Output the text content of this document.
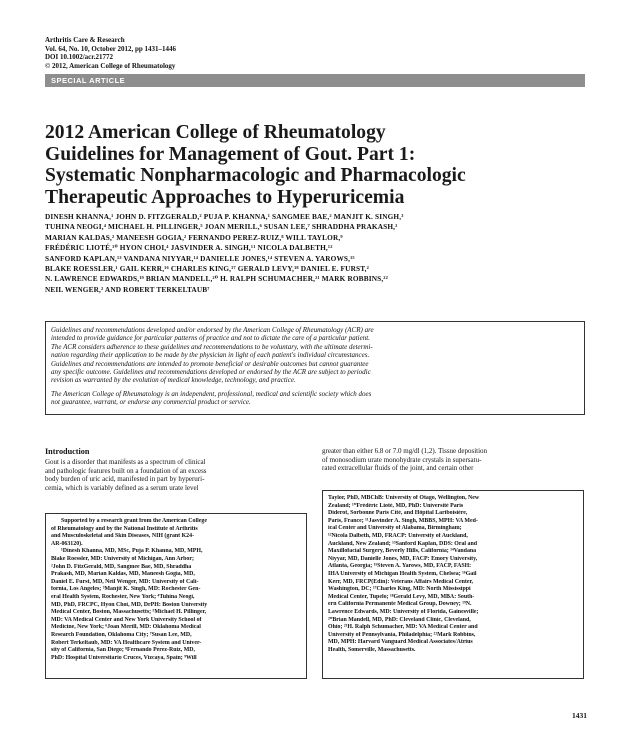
Arthritis Care & Research
Vol. 64, No. 10, October 2012, pp 1431–1446
DOI 10.1002/acr.21772
© 2012, American College of Rheumatology
SPECIAL ARTICLE
2012 American College of Rheumatology
Guidelines for Management of Gout. Part 1:
Systematic Nonpharmacologic and Pharmacologic
Therapeutic Approaches to Hyperuricemia
DINESH KHANNA,¹ JOHN D. FITZGERALD,² PUJA P. KHANNA,¹ SANGMEE BAE,² MANJIT K. SINGH,³
TUHINA NEOGI,⁴ MICHAEL H. PILLINGER,⁵ JOAN MERILL,⁶ SUSAN LEE,⁷ SHRADDHA PRAKASH,²
MARIAN KALDAS,² MANEESH GOGIA,² FERNANDO PEREZ-RUIZ,⁸ WILL TAYLOR,⁹
FRÉDÉRIC LIOTÉ,¹⁰ HYON CHOI,⁴ JASVINDER A. SINGH,¹¹ NICOLA DALBETH,¹²
SANFORD KAPLAN,¹³ VANDANA NIYYAR,¹⁴ DANIELLE JONES,¹⁴ STEVEN A. YAROWS,¹⁵
BLAKE ROESSLER,¹ GAIL KERR,¹⁶ CHARLES KING,¹⁷ GERALD LEVY,¹⁸ DANIEL E. FURST,²
N. LAWRENCE EDWARDS,¹⁹ BRIAN MANDELL,²⁰ H. RALPH SCHUMACHER,²¹ MARK ROBBINS,²²
NEIL WENGER,² AND ROBERT TERKELTAUB⁷
Guidelines and recommendations developed and/or endorsed by the American College of Rheumatology (ACR) are
intended to provide guidance for particular patterns of practice and not to dictate the care of a particular patient.
The ACR considers adherence to these guidelines and recommendations to be voluntary, with the ultimate determi-
nation regarding their application to be made by the physician in light of each patient's individual circumstances.
Guidelines and recommendations are intended to promote beneficial or desirable outcomes but cannot guarantee
any specific outcome. Guidelines and recommendations developed or endorsed by the ACR are subject to periodic
revision as warranted by the evolution of medical knowledge, technology, and practice.
The American College of Rheumatology is an independent, professional, medical and scientific society which does
not guarantee, warrant, or endorse any commercial product or service.
Introduction
Gout is a disorder that manifests as a spectrum of clinical
and pathologic features built on a foundation of an excess
body burden of uric acid, manifested in part by hyperuri-
cemia, which is variably defined as a serum urate level
greater than either 6.8 or 7.0 mg/dl (1,2). Tissue deposition
of monosodium urate monohydrate crystals in supersatu-
rated extracellular fluids of the joint, and certain other
Supported by a research grant from the American College
of Rheumatology and by the National Institute of Arthritis
and Musculoskeletal and Skin Diseases, NIH (grant K24-
AR-063120).
¹Dinesh Khanna, MD, MSc, Puja P. Khanna, MD, MPH,
Blake Roessler, MD: University of Michigan, Ann Arbor;
²John D. FitzGerald, MD, Sangmee Bae, MD, Shraddha
Prakash, MD, Marian Kaldas, MD, Maneesh Gogia, MD,
Daniel E. Furst, MD, Neil Wenger, MD: University of Cali-
fornia, Los Angeles; ³Manjit K. Singh, MD: Rochester Gen-
eral Health System, Rochester, New York; ⁴Tuhina Neogi,
MD, PhD, FRCPC, Hyon Choi, MD, DrPH: Boston University
Medical Center, Boston, Massachusetts; ⁵Michael H. Pillinger,
MD: VA Medical Center and New York University School of
Medicine, New York; ⁶Joan Merill, MD: Oklahoma Medical
Research Foundation, Oklahoma City; ⁷Susan Lee, MD,
Robert Terkeltaub, MD: VA Healthcare System and Univer-
sity of California, San Diego; ⁸Fernando Perez-Ruiz, MD,
PhD: Hospital Universitario Cruces, Vizcaya, Spain; ⁹Will
Taylor, PhD, MBChB: University of Otago, Wellington, New
Zealand; ¹⁰Frédéric Lioté, MD, PhD: Université Paris
Diderot, Sorbonne Paris Cité, and Hôpital Lariboisière,
Paris, France; ¹¹Jasvinder A. Singh, MBBS, MPH: VA Med-
ical Center and University of Alabama, Birmingham;
¹²Nicola Dalbeth, MD, FRACP: University of Auckland,
Auckland, New Zealand; ¹³Sanford Kaplan, DDS: Oral and
Maxillofacial Surgery, Beverly Hills, California; ¹⁴Vandana
Niyyar, MD, Danielle Jones, MD, FACP: Emory University,
Atlanta, Georgia; ¹⁵Steven A. Yarows, MD, FACP, FASH:
IHA University of Michigan Health System, Chelsea; ¹⁶Gail
Kerr, MD, FRCP(Edin): Veterans Affairs Medical Center,
Washington, DC; ¹⁷Charles King, MD: North Mississippi
Medical Center, Tupelo; ¹⁸Gerald Levy, MD, MBA: South-
ern California Permanente Medical Group, Downey; ¹⁹N.
Lawrence Edwards, MD: University of Florida, Gainesville;
²⁰Brian Mandell, MD, PhD: Cleveland Clinic, Cleveland,
Ohio; ²¹H. Ralph Schumacher, MD: VA Medical Center and
University of Pennsylvania, Philadelphia; ²²Mark Robbins,
MD, MPH: Harvard Vanguard Medical Associates/Atrius
Health, Somerville, Massachusetts.
1431
